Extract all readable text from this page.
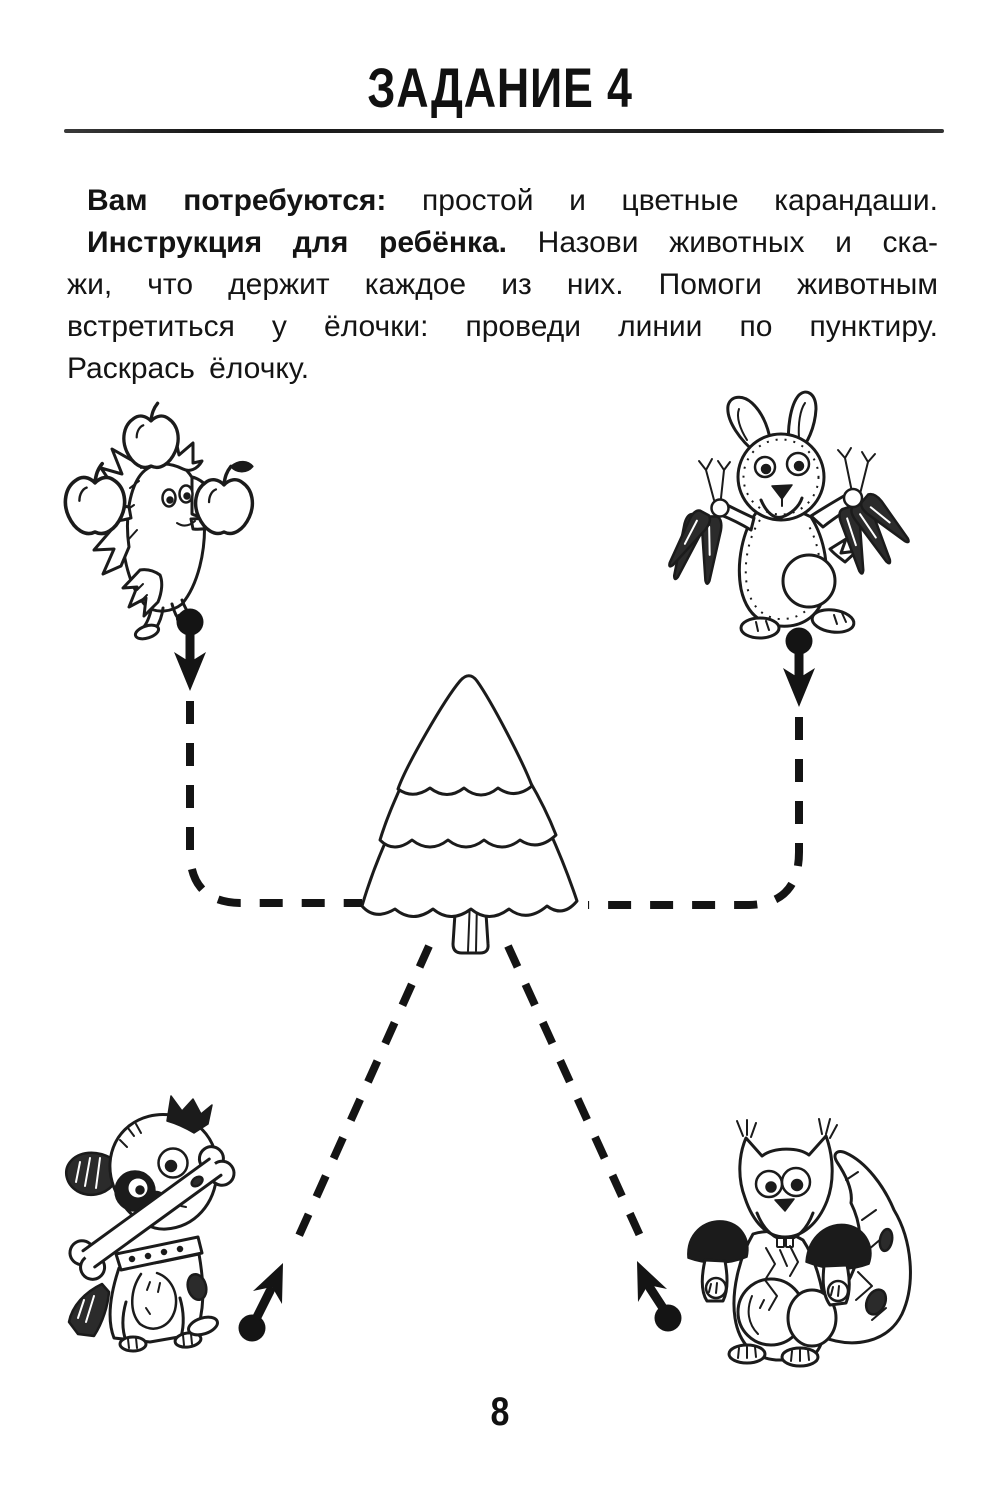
ЗАДАНИЕ 4
Вам потребуются: простой и цветные карандаши.
Инструкция для ребёнка. Назови животных и ска-
жи, что держит каждое из них. Помоги животным
встретиться у ёлочки: проведи линии по пунктиру.
Раскрась ёлочку.
8
